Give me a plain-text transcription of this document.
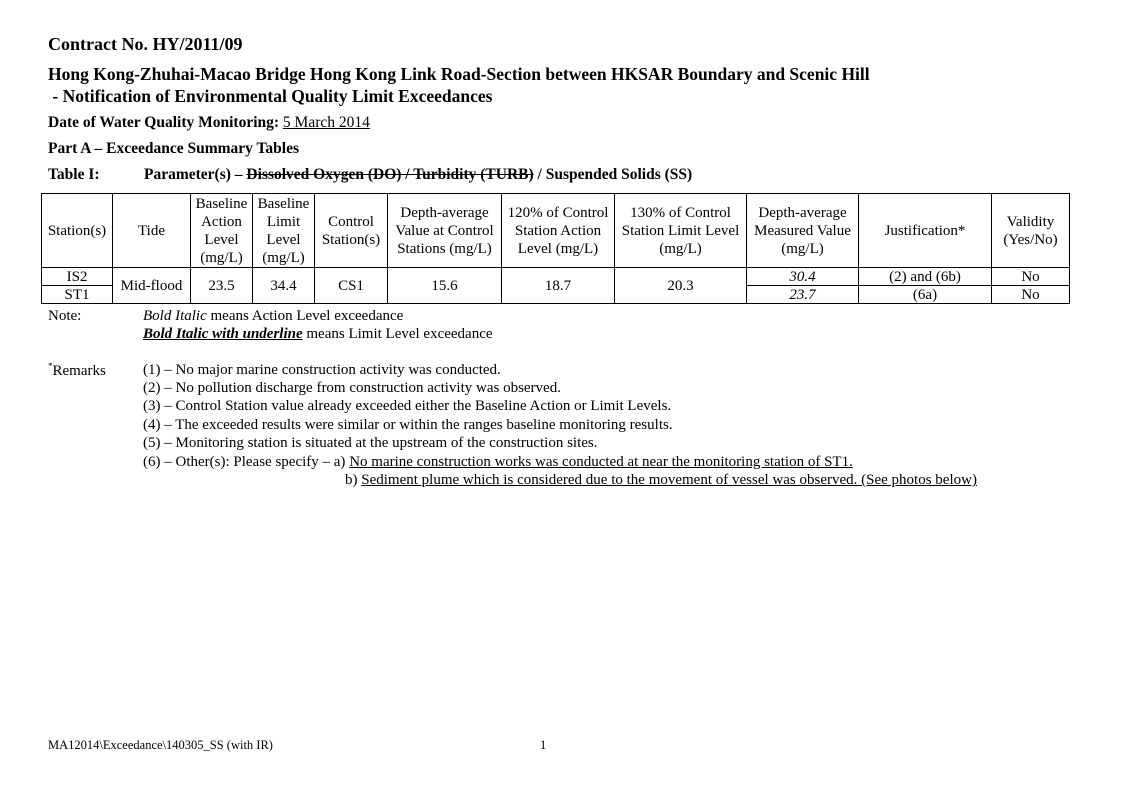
Contract No. HY/2011/09
Hong Kong-Zhuhai-Macao Bridge Hong Kong Link Road-Section between HKSAR Boundary and Scenic Hill
- Notification of Environmental Quality Limit Exceedances
Date of Water Quality Monitoring: 5 March 2014
Part A – Exceedance Summary Tables
Table I:	Parameter(s) – Dissolved Oxygen (DO) / Turbidity (TURB) / Suspended Solids (SS)
Station(s)	Tide	Baseline Action Level (mg/L)	Baseline Limit Level (mg/L)	Control Station(s)	Depth-average Value at Control Stations (mg/L)	120% of Control Station Action Level (mg/L)	130% of Control Station Limit Level (mg/L)	Depth-average Measured Value (mg/L)	Justification*	Validity (Yes/No)
IS2	Mid-flood	23.5	34.4	CS1	15.6	18.7	20.3	30.4	(2) and (6b)	No
ST1								23.7	(6a)	No
Note:	Bold Italic means Action Level exceedance
Bold Italic with underline means Limit Level exceedance
*Remarks (1) – No major marine construction activity was conducted.
(2) – No pollution discharge from construction activity was observed.
(3) – Control Station value already exceeded either the Baseline Action or Limit Levels.
(4) – The exceeded results were similar or within the ranges baseline monitoring results.
(5) – Monitoring station is situated at the upstream of the construction sites.
(6) – Other(s): Please specify – a) No marine construction works was conducted at near the monitoring station of ST1.
b) Sediment plume which is considered due to the movement of vessel was observed. (See photos below)
MA12014\Exceedance\140305_SS (with IR)	1
